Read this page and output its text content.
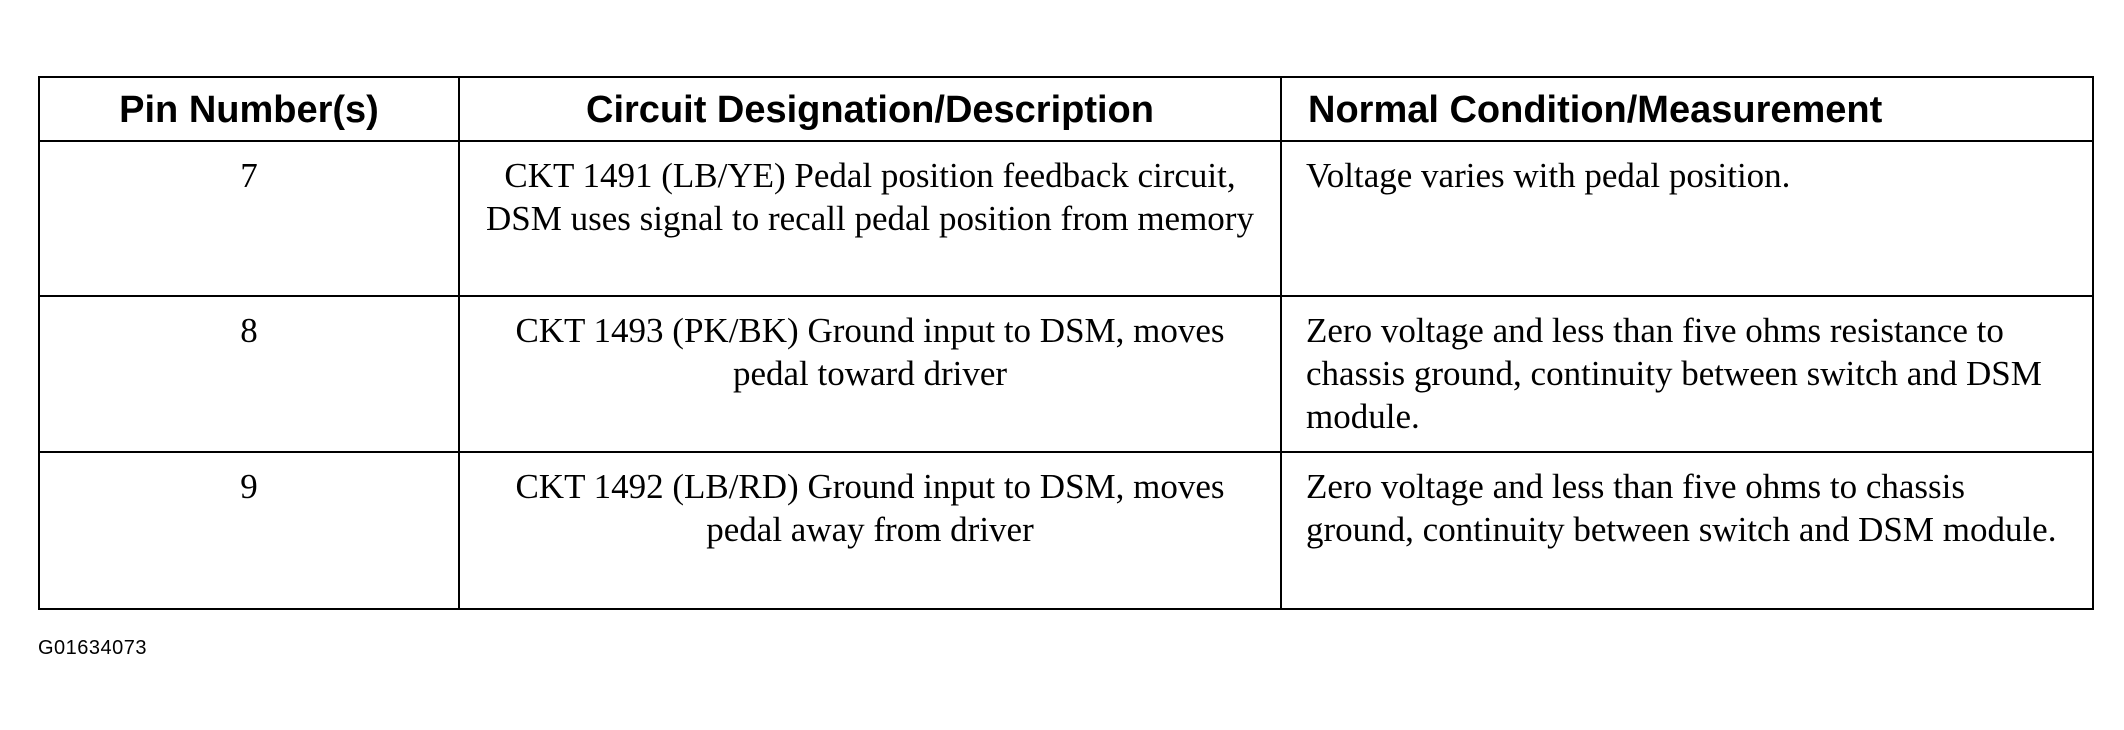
Pin Number(s)	Circuit Designation/Description	Normal Condition/Measurement
7	CKT 1491 (LB/YE) Pedal position feedback circuit, DSM uses signal to recall pedal position from memory	Voltage varies with pedal position.
8	CKT 1493 (PK/BK) Ground input to DSM, moves pedal toward driver	Zero voltage and less than five ohms resistance to chassis ground, continuity between switch and DSM module.
9	CKT 1492 (LB/RD) Ground input to DSM, moves pedal away from driver	Zero voltage and less than five ohms to chassis ground, continuity between switch and DSM module.
G01634073
